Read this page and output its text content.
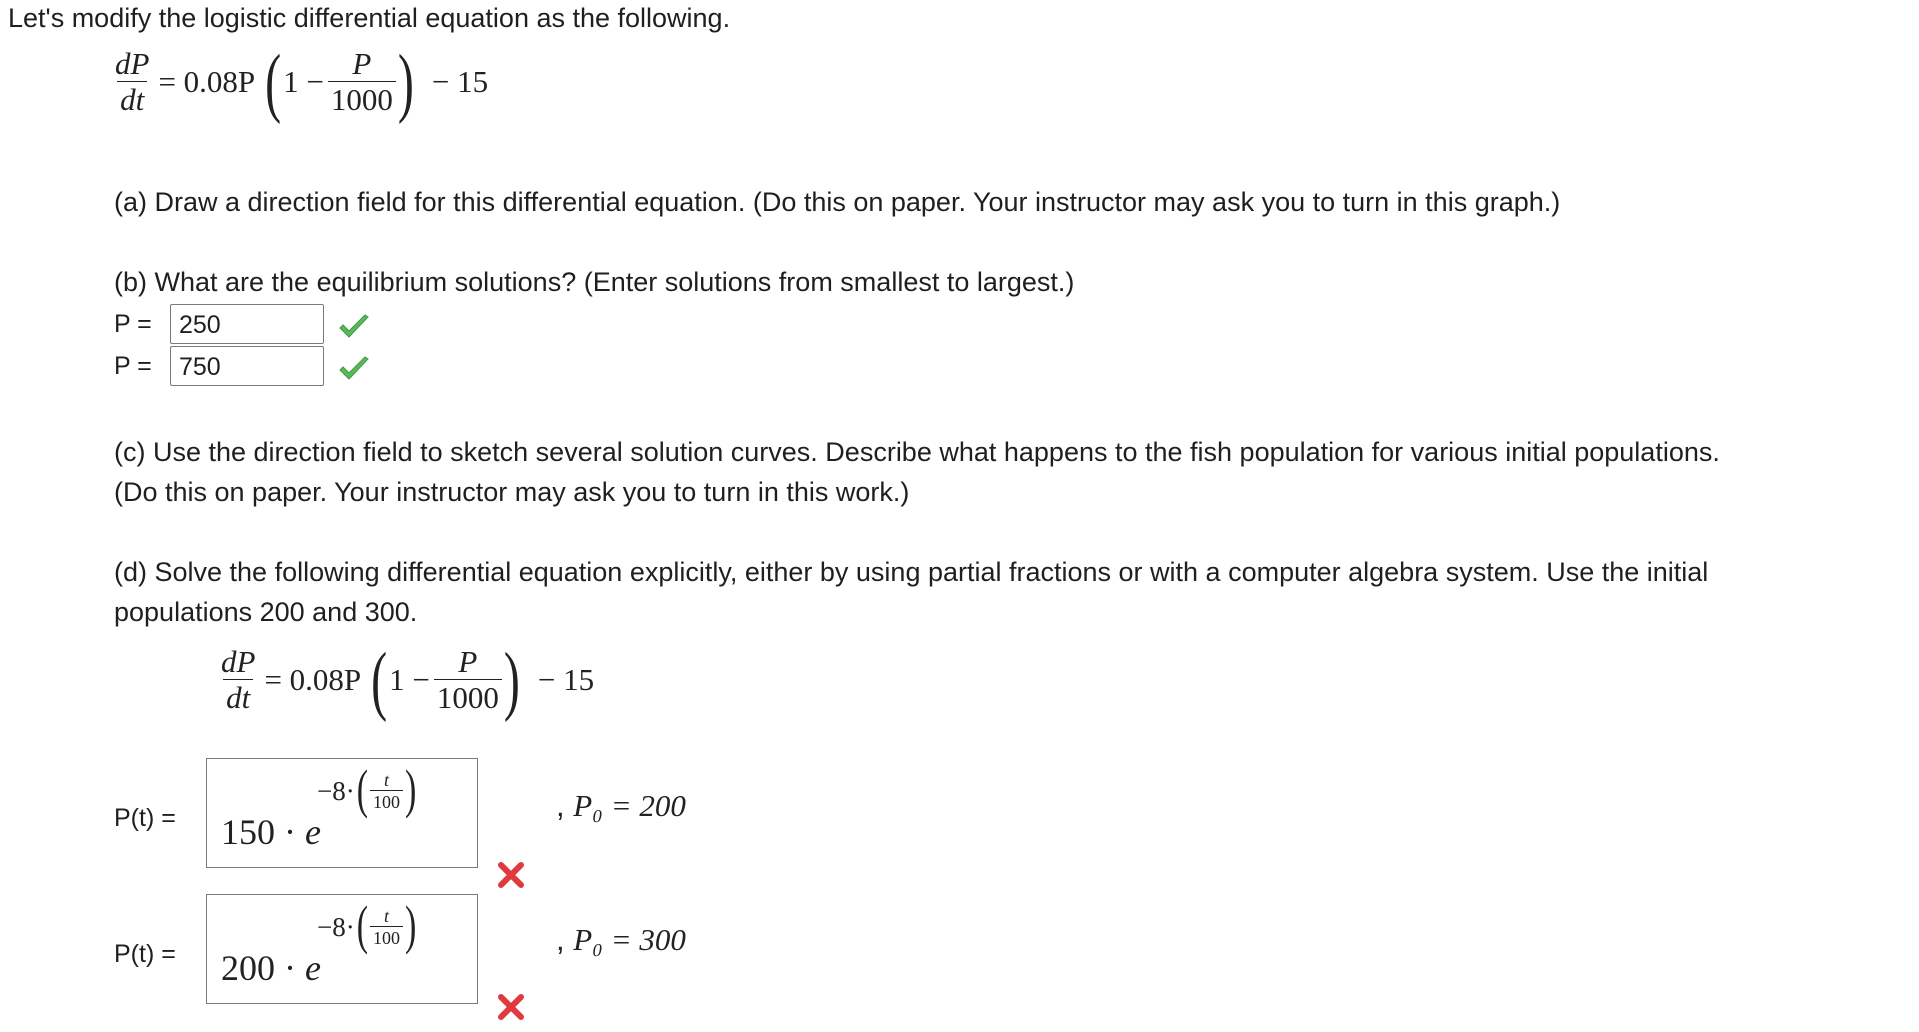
Let's modify the logistic differential equation as the following.
$\frac{dP}{dt} = 0.08P$ ( $1 - \frac{P}{1000}$ ) − 15
(a) Draw a direction field for this differential equation. (Do this on paper. Your instructor may ask you to turn in this graph.)
(b) What are the equilibrium solutions? (Enter solutions from smallest to largest.)
P =	250
P =	750
(c) Use the direction field to sketch several solution curves. Describe what happens to the fish population for various initial populations.
(Do this on paper. Your instructor may ask you to turn in this work.)
(d) Solve the following differential equation explicitly, either by using partial fractions or with a computer algebra system. Use the initial
populations 200 and 300.
$\frac{dP}{dt} = 0.08P$ ( $1 - \frac{P}{1000}$ ) − 15
P(t) = 150 · e
−8· ( $\frac{t}{100}$ )	, P₀ = 200
P(t) = 200 · e
−8· ( $\frac{t}{100}$ )	, P₀ = 300
